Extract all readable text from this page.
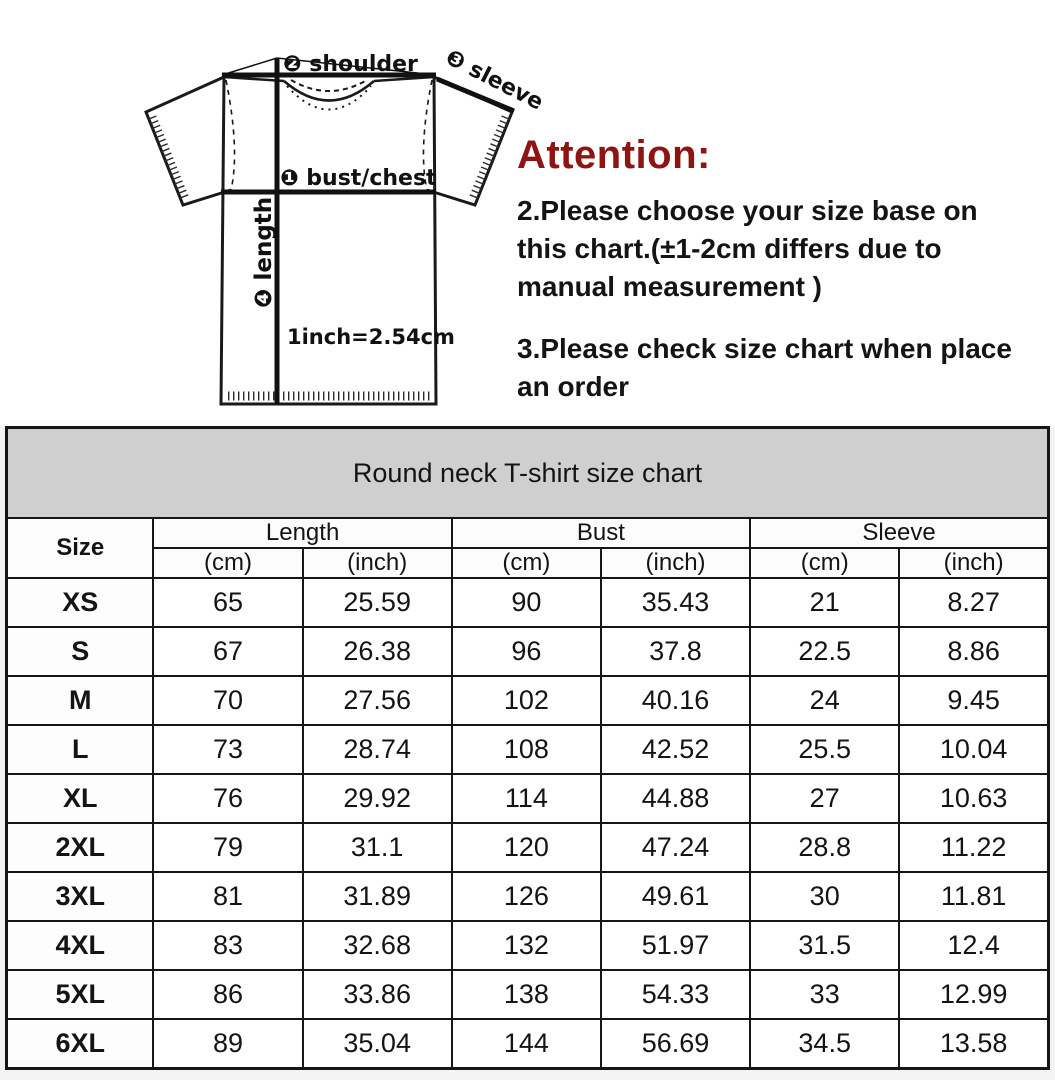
❷ shoulder ❸ sleeve
❶ bust/chest
❹ length
1inch=2.54cm
Attention:
2.Please choose your size base on
this chart.(±1-2cm differs due to
manual measurement )
3.Please check size chart when place
an order
Round neck T-shirt size chart						
Size	Length		Bust		Sleeve	
	(cm)	(inch)	(cm)	(inch)	(cm)	(inch)
XS	65	25.59	90	35.43	21	8.27
S	67	26.38	96	37.8	22.5	8.86
M	70	27.56	102	40.16	24	9.45
L	73	28.74	108	42.52	25.5	10.04
XL	76	29.92	114	44.88	27	10.63
2XL	79	31.1	120	47.24	28.8	11.22
3XL	81	31.89	126	49.61	30	11.81
4XL	83	32.68	132	51.97	31.5	12.4
5XL	86	33.86	138	54.33	33	12.99
6XL	89	35.04	144	56.69	34.5	13.58
